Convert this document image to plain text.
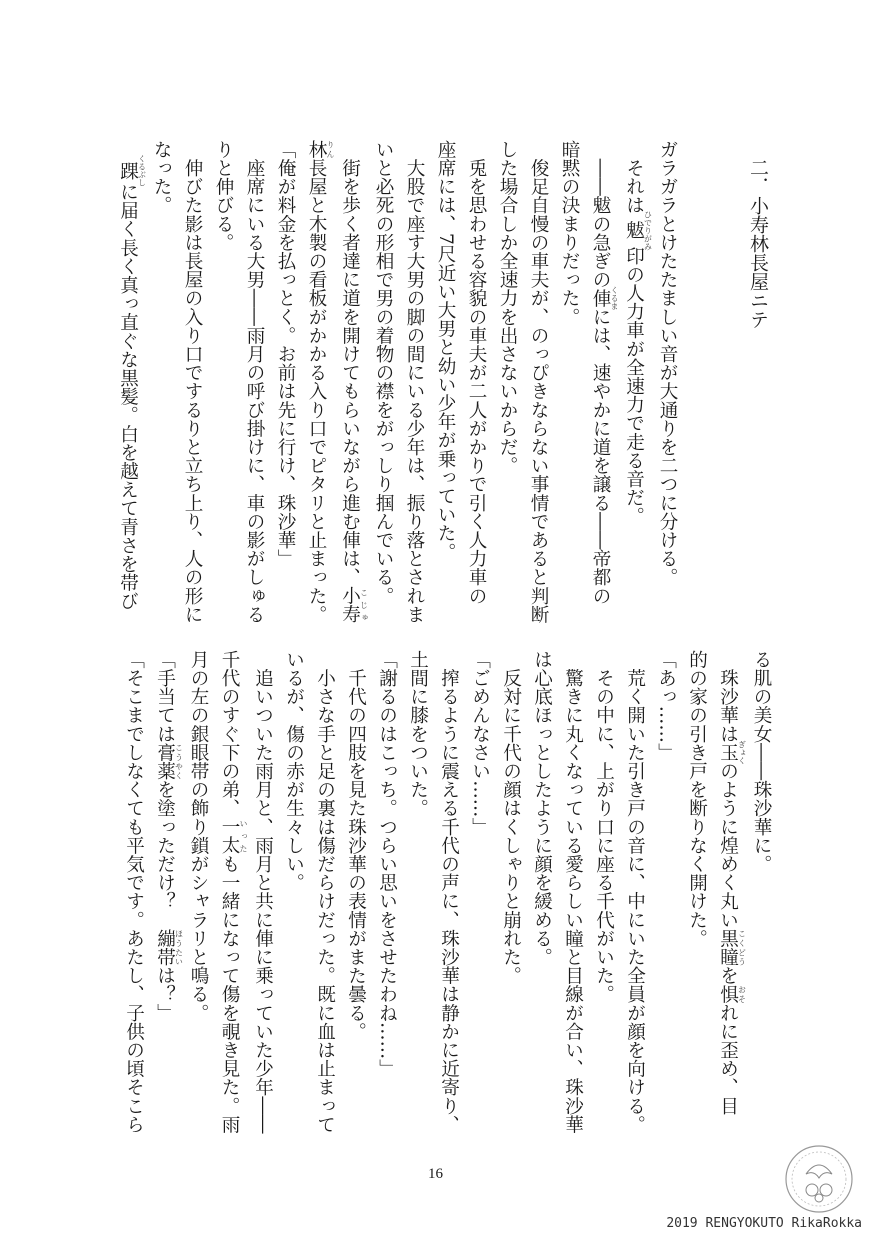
二．小寿林長屋ニテ
ガラガラとけたたましい音が大通りを二つに分ける。
　それは魃 ひでりがみ印の人力車が全速力で走る音だ。
　――魃の急ぎの俥 くるまには、速やかに道を譲る――帝都の
暗黙の決まりだった。
　俊足自慢の車夫が、のっぴきならない事情であると判断
した場合しか全速力を出さないからだ。
　兎を思わせる容貌の車夫が二人がかりで引く人力車の
座席には、7尺近い大男と幼い少年が乗っていた。
　大股で座す大男の脚の間にいる少年は、振り落とされま
いと必死の形相で男の着物の襟をがっしり掴んでいる。
　街を歩く者達に道を開けてもらいながら進む俥は、小寿 こじゅ
林 りん長屋と木製の看板がかかる入り口でピタリと止まった。
「俺が料金を払っとく。お前は先に行け、珠沙華」
　座席にいる大男――雨月の呼び掛けに、車の影がしゅる
りと伸びる。
　伸びた影は長屋の入り口でするりと立ち上り、人の形に
なった。
　踝 くるぶしに届く長く真っ直ぐな黒髪。白を越えて青さを帯び
る肌の美女――珠沙華に。
　珠沙華は玉 ぎょくのように煌めく丸い黒瞳 こくどうを惧 おそれに歪め、目
的の家の引き戸を断りなく開けた。
「あっ……」
　荒く開いた引き戸の音に、中にいた全員が顔を向ける。
　その中に、上がり口に座る千代がいた。
　驚きに丸くなっている愛らしい瞳と目線が合い、珠沙華
は心底ほっとしたように顔を緩める。
　反対に千代の顔はくしゃりと崩れた。
「ごめんなさい……」
　搾るように震える千代の声に、珠沙華は静かに近寄り、
土間に膝をついた。
「謝るのはこっち。つらい思いをさせたわね……」
　千代の四肢を見た珠沙華の表情がまた曇る。
　小さな手と足の裏は傷だらけだった。既に血は止まって
いるが、傷の赤が生々しい。
　追いついた雨月と、雨月と共に俥に乗っていた少年――
千代のすぐ下の弟、一太 いったも一緒になって傷を覗き見た。雨
月の左の銀眼帯の飾り鎖がシャラリと鳴る。
「手当ては膏薬 こうやくを塗っただけ？　繃帯 ほうたいは？」
「そこまでしなくても平気です。あたし、子供の頃そこら
16
2019 RENGYOKUTO RikaRokka
